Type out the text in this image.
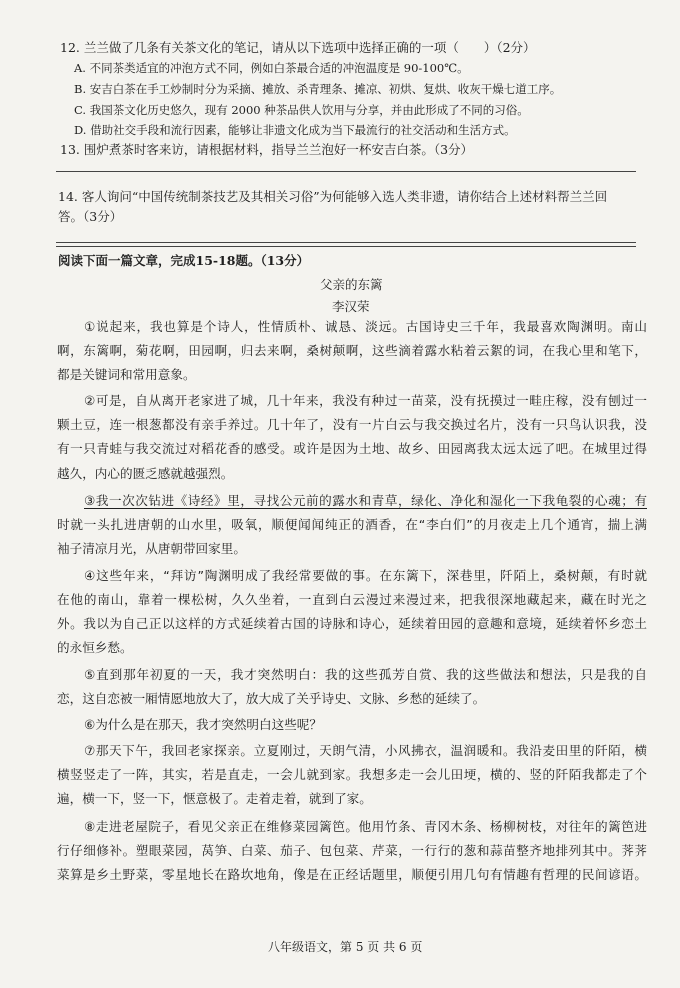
12. 兰兰做了几条有关茶文化的笔记，请从以下选项中选择正确的一项（　　）（2分）
A. 不同茶类适宜的冲泡方式不同，例如白茶最合适的冲泡温度是 90-100℃。
B. 安吉白茶在手工炒制时分为采摘、摊放、杀青理条、摊凉、初烘、复烘、收灰干燥七道工序。
C. 我国茶文化历史悠久，现有 2000 种茶品供人饮用与分享，并由此形成了不同的习俗。
D. 借助社交手段和流行因素，能够让非遗文化成为当下最流行的社交活动和生活方式。
13. 围炉煮茶时客来访，请根据材料，指导兰兰泡好一杯安吉白茶。（3分）
14. 客人询问“中国传统制茶技艺及其相关习俗”为何能够入选人类非遗，请你结合上述材料帮兰兰回
答。（3分）
阅读下面一篇文章，完成15-18题。（13分）
父亲的东篱
李汉荣
①说起来，我也算是个诗人，性情质朴、诚恳、淡远。古国诗史三千年，我最喜欢陶渊明。南山
啊，东篱啊，菊花啊，田园啊，归去来啊，桑树颠啊，这些滴着露水粘着云絮的词，在我心里和笔下，
都是关键词和常用意象。
②可是，自从离开老家进了城，几十年来，我没有种过一苗菜，没有抚摸过一畦庄稼，没有刨过一
颗土豆，连一根葱都没有亲手养过。几十年了，没有一片白云与我交换过名片，没有一只鸟认识我，没
有一只青蛙与我交流过对稻花香的感受。或许是因为土地、故乡、田园离我太远太远了吧。在城里过得
越久，内心的匮乏感就越强烈。
③我一次次钻进《诗经》里，寻找公元前的露水和青草，绿化、净化和湿化一下我龟裂的心魂；有
时就一头扎进唐朝的山水里，吸氧，顺便闻闻纯正的酒香，在“李白们”的月夜走上几个通宵，揣上满
袖子清凉月光，从唐朝带回家里。
④这些年来，“拜访”陶渊明成了我经常要做的事。在东篱下，深巷里，阡陌上，桑树颠，有时就
在他的南山，靠着一棵松树，久久坐着，一直到白云漫过来漫过来，把我很深地藏起来，藏在时光之
外。我以为自己正以这样的方式延续着古国的诗脉和诗心，延续着田园的意趣和意境，延续着怀乡恋土
的永恒乡愁。
⑤直到那年初夏的一天，我才突然明白：我的这些孤芳自赏、我的这些做法和想法，只是我的自
恋，这自恋被一厢情愿地放大了，放大成了关乎诗史、文脉、乡愁的延续了。
⑥为什么是在那天，我才突然明白这些呢？
⑦那天下午，我回老家探亲。立夏刚过，天朗气清，小风拂衣，温润暖和。我沿麦田里的阡陌，横
横竖竖走了一阵，其实，若是直走，一会儿就到家。我想多走一会儿田埂，横的、竖的阡陌我都走了个
遍，横一下，竖一下，惬意极了。走着走着，就到了家。
⑧走进老屋院子，看见父亲正在维修菜园篱笆。他用竹条、青冈木条、杨柳树枝，对往年的篱笆进
行仔细修补。塑眼菜园，莴笋、白菜、茄子、包包菜、芹菜，一行行的葱和蒜苗整齐地排列其中。荠荠
菜算是乡土野菜，零星地长在路坎地角，像是在正经话题里，顺便引用几句有情趣有哲理的民间谚语。
八年级语文，第 5 页 共 6 页
